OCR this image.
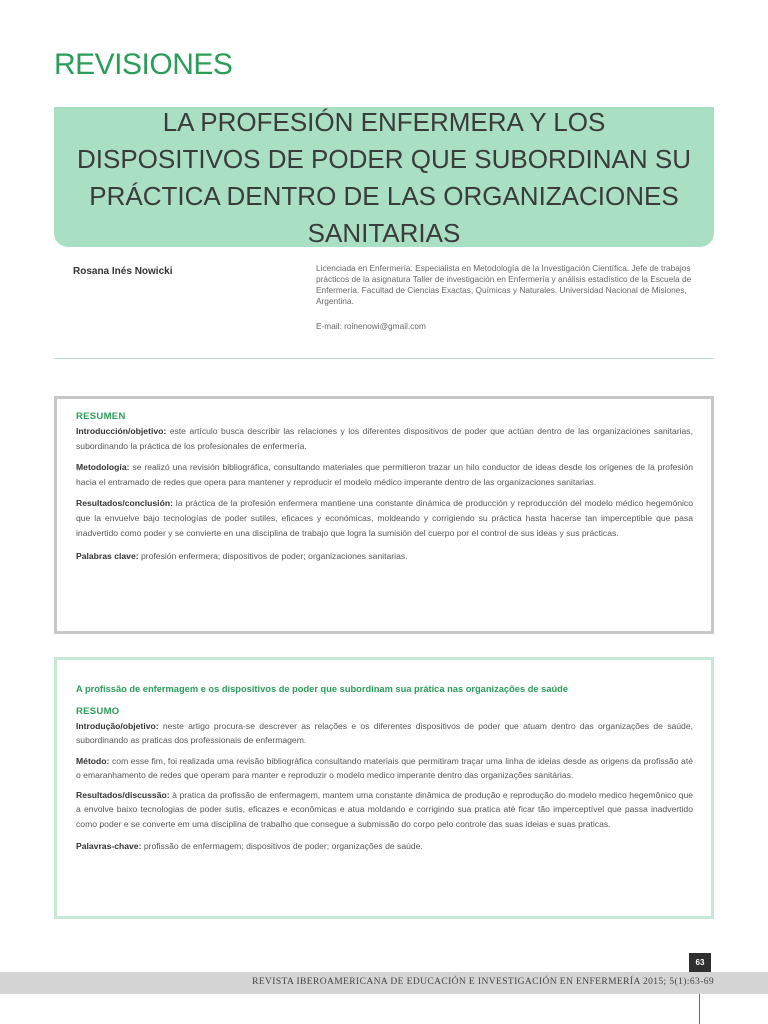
REVISIONES
LA PROFESIÓN ENFERMERA Y LOS DISPOSITIVOS DE PODER QUE SUBORDINAN SU PRÁCTICA DENTRO DE LAS ORGANIZACIONES SANITARIAS
Rosana Inés Nowicki	Licenciada en Enfermería. Especialista en Metodología de la Investigación Científica. Jefe de trabajos prácticos de la asignatura Taller de investigación en Enfermería y análisis estadístico de la Escuela de Enfermería. Facultad de Ciencias Exactas, Químicas y Naturales. Universidad Nacional de Misiones, Argentina.
E-mail: roinenowi@gmail.com
RESUMEN

Introducción/objetivo: este artículo busca describir las relaciones y los diferentes dispositivos de poder que actúan dentro de las organizaciones sanitarias, subordinando la práctica de los profesionales de enfermería.

Metodología: se realizó una revisión bibliográfica, consultando materiales que permitieron trazar un hilo conductor de ideas desde los orígenes de la profesión hacia el entramado de redes que opera para mantener y reproducir el modelo médico imperante dentro de las organizaciones sanitarias.

Resultados/conclusión: la práctica de la profesión enfermera mantiene una constante dinámica de producción y reproducción del modelo médico hegemónico que la envuelve bajo tecnologías de poder sutiles, eficaces y económicas, moldeando y corrigiendo su práctica hasta hacerse tan imperceptible que pasa inadvertido como poder y se convierte en una disciplina de trabajo que logra la sumisión del cuerpo por el control de sus ideas y sus prácticas.

Palabras clave: profesión enfermera; dispositivos de poder; organizaciones sanitarias.

A profissão de enfermagem e os dispositivos de poder que subordinam sua prática nas organizações de saúde
RESUMO

Introdução/objetivo: neste artigo procura-se descrever as relações e os diferentes dispositivos de poder que atuam dentro das organizações de saúde, subordinando as praticas dos professionais de enfermagem.

Método: com esse fim, foi realizada uma revisão bibliográfica consultando materiais que permitiram traçar uma linha de ideias desde as origens da profissão até o emaranhamento de redes que operam para manter e reproduzir o modelo medico imperante dentro das organizações sanitárias.

Resultados/discussão: à pratica da profissão de enfermagem, mantem uma constante dinâmica de produção e reprodução do modelo medico hegemônico que a envolve baixo tecnologias de poder sutis, eficazes e econômicas e atua moldando e corrigindo sua pratica até ficar tão imperceptível que passa inadvertido como poder e se converte em uma disciplina de trabalho que consegue a submissão do corpo pelo controle das suas ideias e suas praticas.

Palavras-chave: profissão de enfermagem; dispositivos de poder; organizações de saúde.

63
REVISTA IBEROAMERICANA DE EDUCACIÓN E INVESTIGACIÓN EN ENFERMERÍA 2015; 5(1):63-69
